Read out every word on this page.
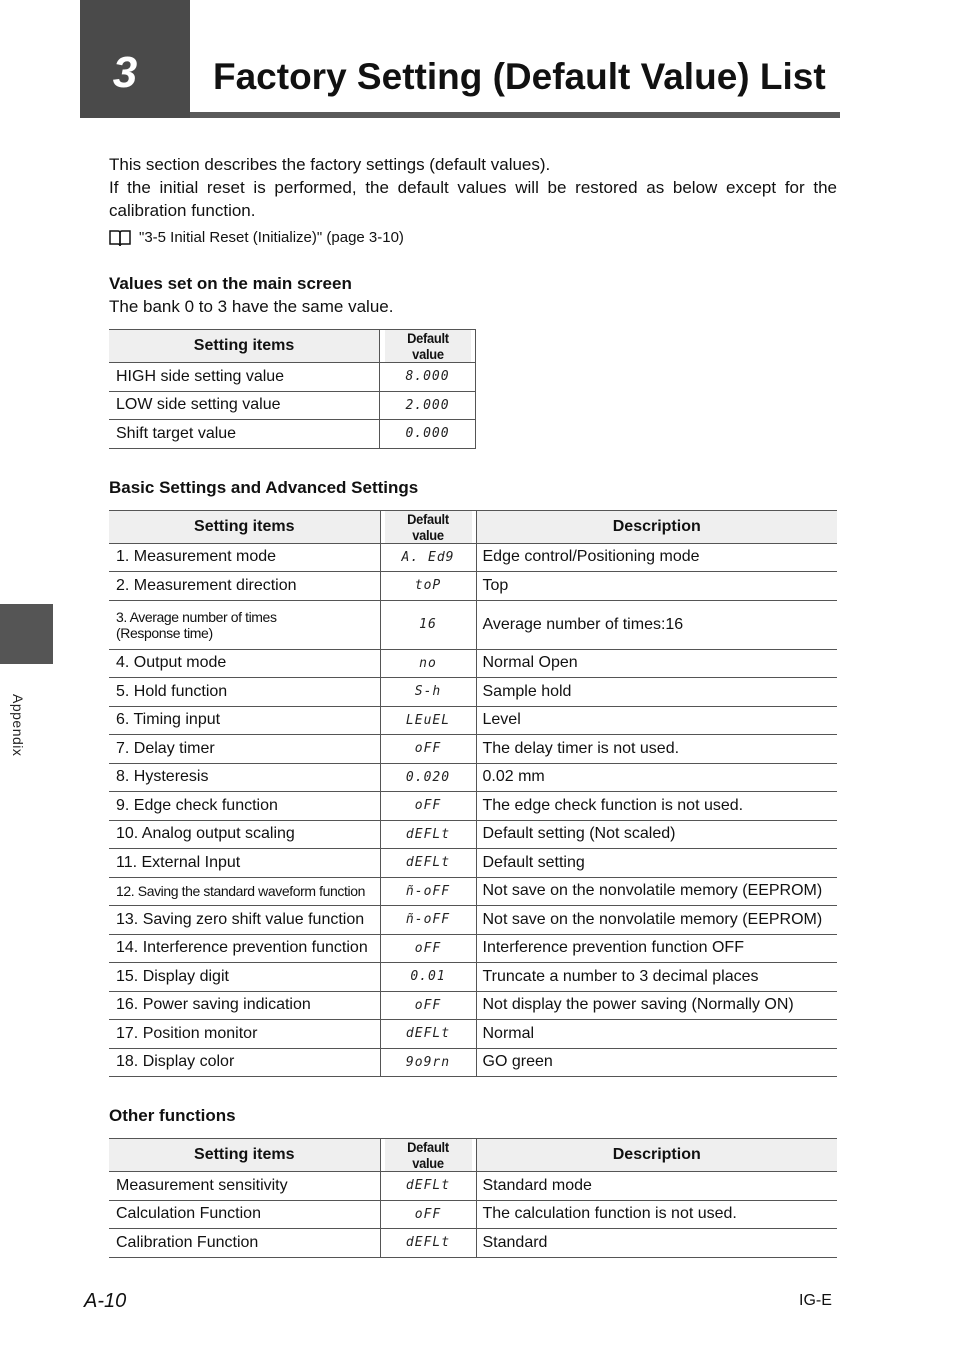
3	Factory Setting (Default Value) List
Appendix

This section describes the factory settings (default values).

If the initial reset is performed, the default values will be restored as below except for the calibration function.

"3-5 Initial Reset (Initialize)" (page 3-10)
Values set on the main screen

The bank 0 to 3 have the same value.

Setting items	Default value
HIGH side setting value	8.000
LOW side setting value	2.000
Shift target value	0.000
Basic Settings and Advanced Settings
Setting items	Default value	Description
1. Measurement mode	A. Ed9	Edge control/Positioning mode
2. Measurement direction	toP	Top
3. Average number of times
(Response time)	16	Average number of times:16
4. Output mode	no	Normal Open
5. Hold function	S-h	Sample hold
6. Timing input	LEuEL	Level
7. Delay timer	oFF	The delay timer is not used.
8. Hysteresis	0.020	0.02 mm
9. Edge check function	oFF	The edge check function is not used.
10. Analog output scaling	dEFLt	Default setting (Not scaled)
11. External Input	dEFLt	Default setting
12. Saving the standard waveform function	ñ-oFF	Not save on the nonvolatile memory (EEPROM)
13. Saving zero shift value function	ñ-oFF	Not save on the nonvolatile memory (EEPROM)
14. Interference prevention function	oFF	Interference prevention function OFF
15. Display digit	0.01	Truncate a number to 3 decimal places
16. Power saving indication	oFF	Not display the power saving (Normally ON)
17. Position monitor	dEFLt	Normal
18. Display color	9o9rn	GO green
Other functions
Setting items	Default value	Description
Measurement sensitivity	dEFLt	Standard mode
Calculation Function	oFF	The calculation function is not used.
Calibration Function	dEFLt	Standard
A-10	IG-E
